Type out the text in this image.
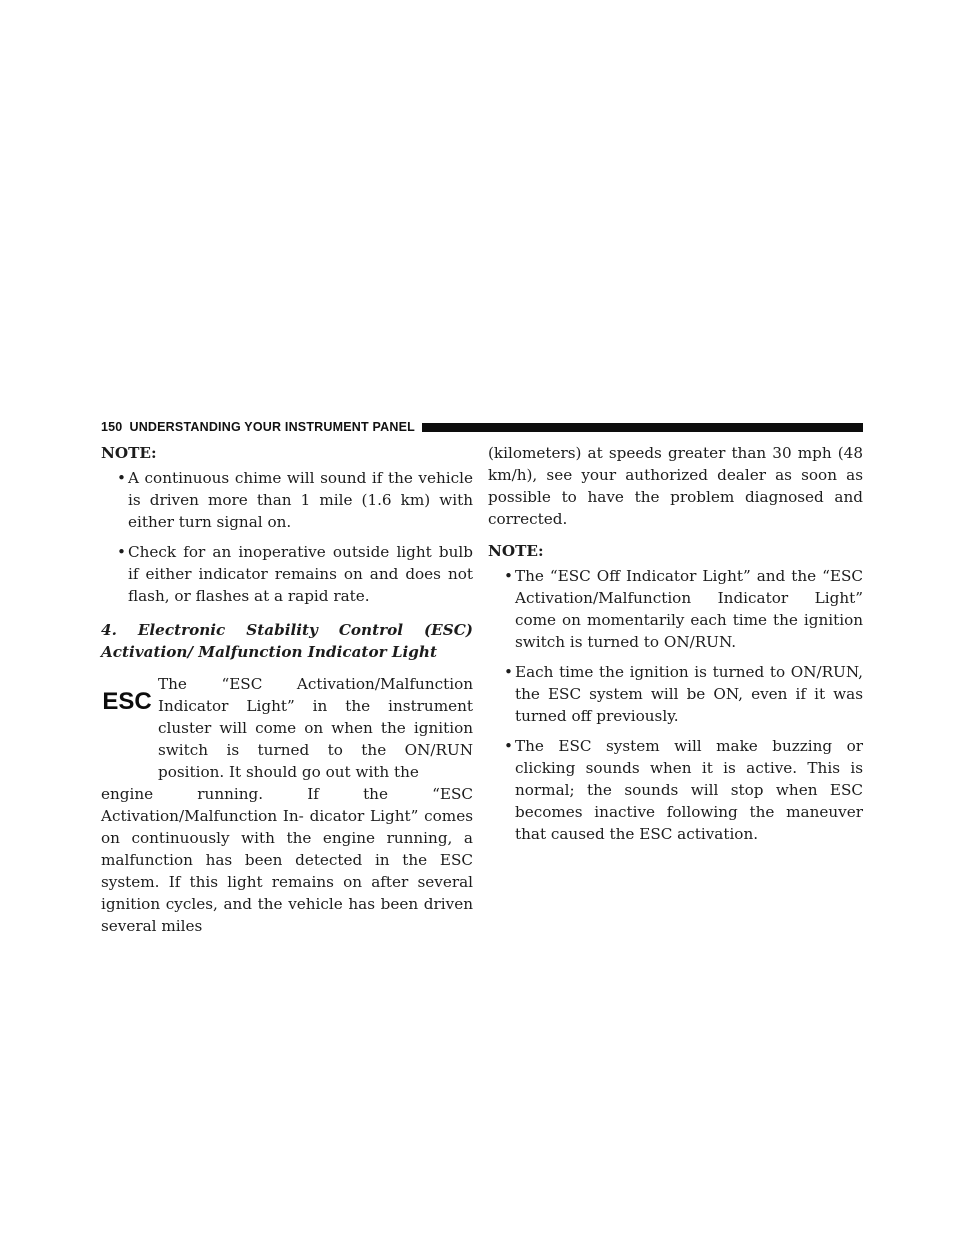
150 UNDERSTANDING YOUR INSTRUMENT PANEL

NOTE:

• A continuous chime will sound if the vehicle is driven more than 1 mile (1.6 km) with either turn signal on.
• Check for an inoperative outside light bulb if either indicator remains on and does not flash, or flashes at a rapid rate.

4. Electronic Stability Control (ESC) Activation/ Malfunction Indicator Light

ESC

The “ESC Activation/Malfunction Indicator Light” in the instrument cluster will come on when the ignition switch is turned to the ON/RUN position. It should go out with the

engine running. If the “ESC Activation/Malfunction In- dicator Light” comes on continuously with the engine running, a malfunction has been detected in the ESC system. If this light remains on after several ignition cycles, and the vehicle has been driven several miles

(kilometers) at speeds greater than 30 mph (48 km/h), see your authorized dealer as soon as possible to have the problem diagnosed and corrected.

NOTE:

• The “ESC Off Indicator Light” and the “ESC Activation/Malfunction Indicator Light” come on momentarily each time the ignition switch is turned to ON/RUN.
• Each time the ignition is turned to ON/RUN, the ESC system will be ON, even if it was turned off previously.
• The ESC system will make buzzing or clicking sounds when it is active. This is normal; the sounds will stop when ESC becomes inactive following the maneuver that caused the ESC activation.
